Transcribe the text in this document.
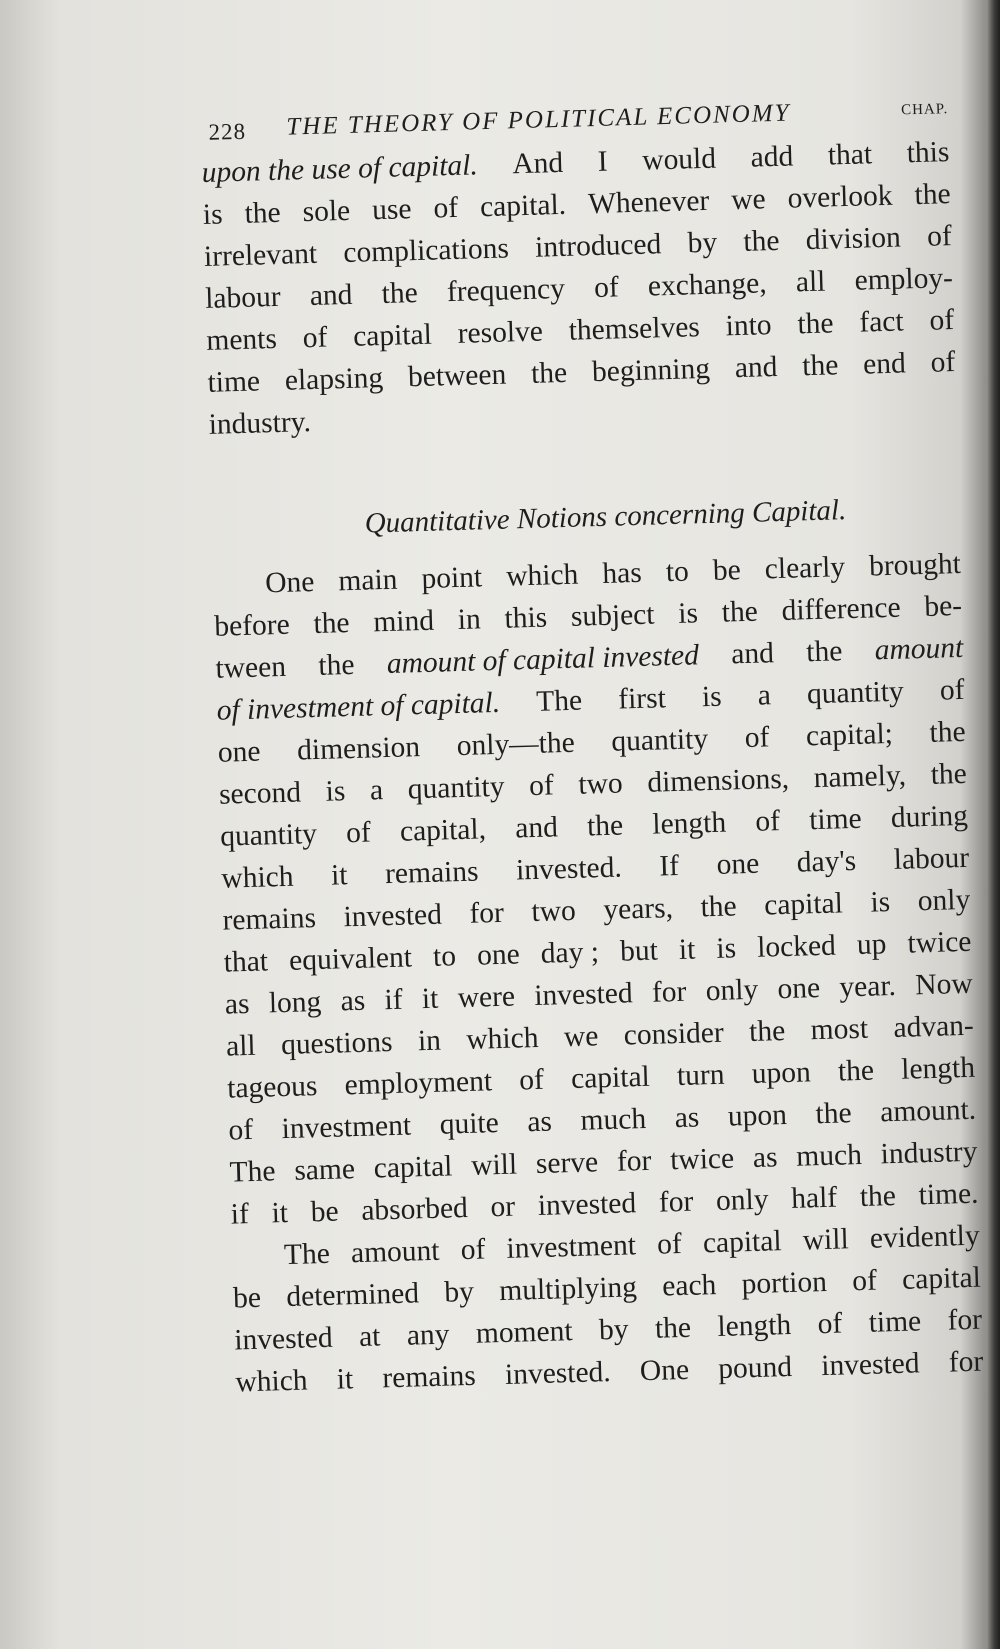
228 THE THEORY OF POLITICAL ECONOMY	CHAP.
upon the use of capital. And I would add that this
is the sole use of capital. Whenever we overlook the
irrelevant complications introduced by the division of
labour and the frequency of exchange, all employ-
ments of capital resolve themselves into the fact of
time elapsing between the beginning and the end of
industry.
Quantitative Notions concerning Capital.
One main point which has to be clearly brought
before the mind in this subject is the difference be-
tween the amount of capital invested and the amount
of investment of capital. The first is a quantity of
one dimension only—the quantity of capital; the
second is a quantity of two dimensions, namely, the
quantity of capital, and the length of time during
which it remains invested. If one day's labour
remains invested for two years, the capital is only
that equivalent to one day ; but it is locked up twice
as long as if it were invested for only one year. Now
all questions in which we consider the most advan-
tageous employment of capital turn upon the length
of investment quite as much as upon the amount.
The same capital will serve for twice as much industry
if it be absorbed or invested for only half the time.
The amount of investment of capital will evidently
be determined by multiplying each portion of capital
invested at any moment by the length of time for
which it remains invested. One pound invested for
